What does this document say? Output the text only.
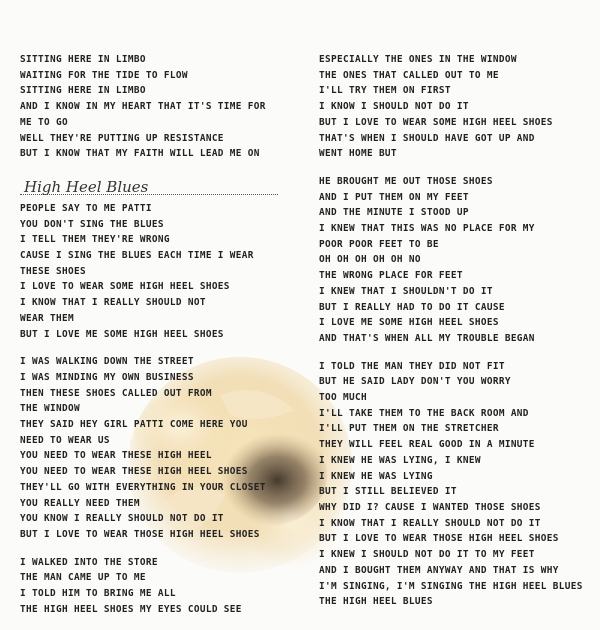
SITTING HERE IN LIMBO
WAITING FOR THE TIDE TO FLOW
SITTING HERE IN LIMBO
AND I KNOW IN MY HEART THAT IT'S TIME FOR
ME TO GO
WELL THEY'RE PUTTING UP RESISTANCE
BUT I KNOW THAT MY FAITH WILL LEAD ME ON
High Heel Blues
PEOPLE SAY TO ME PATTI
YOU DON'T SING THE BLUES
I TELL THEM THEY'RE WRONG
CAUSE I SING THE BLUES EACH TIME I WEAR
THESE SHOES
I LOVE TO WEAR SOME HIGH HEEL SHOES
I KNOW THAT I REALLY SHOULD NOT
WEAR THEM
BUT I LOVE ME SOME HIGH HEEL SHOES
I WAS WALKING DOWN THE STREET
I WAS MINDING MY OWN BUSINESS
THEN THESE SHOES CALLED OUT FROM
THE WINDOW
THEY SAID HEY GIRL PATTI COME HERE YOU
NEED TO WEAR US
YOU NEED TO WEAR THESE HIGH HEEL
YOU NEED TO WEAR THESE HIGH HEEL SHOES
THEY'LL GO WITH EVERYTHING IN YOUR CLOSET
YOU REALLY NEED THEM
YOU KNOW I REALLY SHOULD NOT DO IT
BUT I LOVE TO WEAR THOSE HIGH HEEL SHOES
I WALKED INTO THE STORE
THE MAN CAME UP TO ME
I TOLD HIM TO BRING ME ALL
THE HIGH HEEL SHOES MY EYES COULD SEE
ESPECIALLY THE ONES IN THE WINDOW
THE ONES THAT CALLED OUT TO ME
I'LL TRY THEM ON FIRST
I KNOW I SHOULD NOT DO IT
BUT I LOVE TO WEAR SOME HIGH HEEL SHOES
THAT'S WHEN I SHOULD HAVE GOT UP AND
WENT HOME BUT
HE BROUGHT ME OUT THOSE SHOES
AND I PUT THEM ON MY FEET
AND THE MINUTE I STOOD UP
I KNEW THAT THIS WAS NO PLACE FOR MY
POOR POOR FEET TO BE
OH OH OH OH OH NO
THE WRONG PLACE FOR FEET
I KNEW THAT I SHOULDN'T DO IT
BUT I REALLY HAD TO DO IT CAUSE
I LOVE ME SOME HIGH HEEL SHOES
AND THAT'S WHEN ALL MY TROUBLE BEGAN
I TOLD THE MAN THEY DID NOT FIT
BUT HE SAID LADY DON'T YOU WORRY
TOO MUCH
I'LL TAKE THEM TO THE BACK ROOM AND
I'LL PUT THEM ON THE STRETCHER
THEY WILL FEEL REAL GOOD IN A MINUTE
I KNEW HE WAS LYING, I KNEW
I KNEW HE WAS LYING
BUT I STILL BELIEVED IT
WHY DID I? CAUSE I WANTED THOSE SHOES
I KNOW THAT I REALLY SHOULD NOT DO IT
BUT I LOVE TO WEAR THOSE HIGH HEEL SHOES
I KNEW I SHOULD NOT DO IT TO MY FEET
AND I BOUGHT THEM ANYWAY AND THAT IS WHY
I'M SINGING, I'M SINGING THE HIGH HEEL BLUES
THE HIGH HEEL BLUES
